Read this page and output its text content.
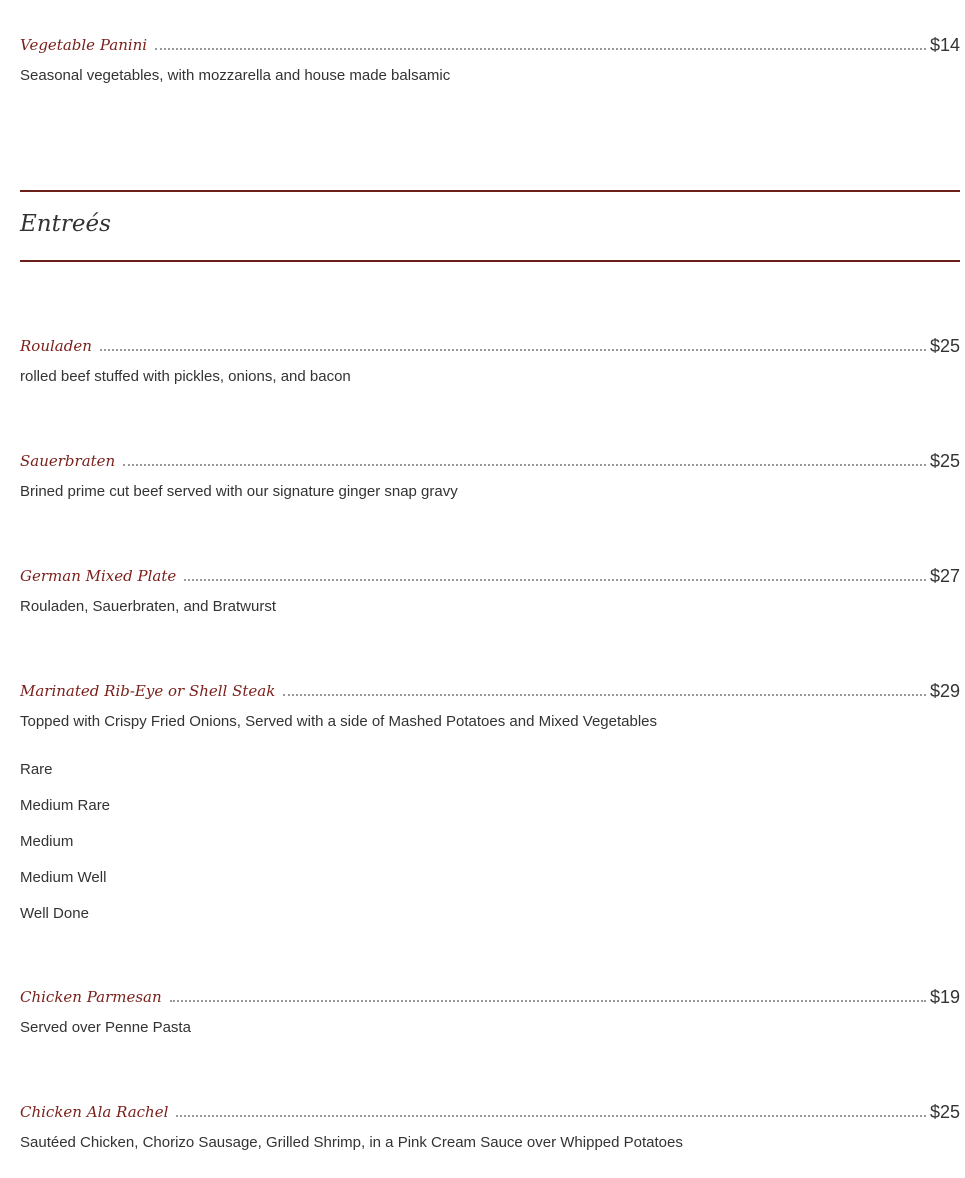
Vegetable Panini	$14
Seasonal vegetables, with mozzarella and house made balsamic
Entreés
Rouladen	$25
rolled beef stuffed with pickles, onions, and bacon
Sauerbraten	$25
Brined prime cut beef served with our signature ginger snap gravy
German Mixed Plate	$27
Rouladen, Sauerbraten, and Bratwurst
Marinated Rib-Eye or Shell Steak	$29
Topped with Crispy Fried Onions, Served with a side of Mashed Potatoes and Mixed Vegetables
Rare
Medium Rare
Medium
Medium Well
Well Done
Chicken Parmesan	$19
Served over Penne Pasta
Chicken Ala Rachel	$25
Sautéed Chicken, Chorizo Sausage, Grilled Shrimp, in a Pink Cream Sauce over Whipped Potatoes
